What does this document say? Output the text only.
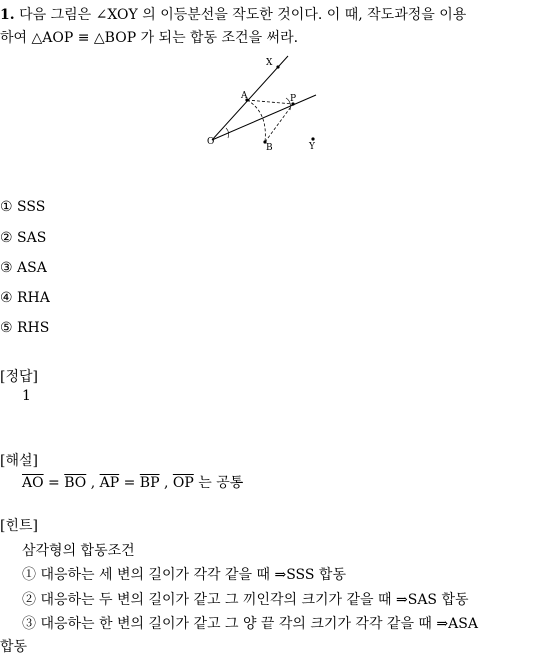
1. 다음 그림은 ∠XOY 의 이등분선을 작도한 것이다. 이 때, 작도과정을 이용
하여 △AOP ≡ △BOP 가 되는 합동 조건을 써라.
X
A	P
O
B	Y
① SSS
② SAS
③ ASA
④ RHA
⑤ RHS
[정답]
1
[해설]
$\overline{AO} = \overline{BO}$ , $\overline{AP} = \overline{BP}$ , $\overline{OP}$ 는 공통
[힌트]
삼각형의 합동조건
① 대응하는 세 변의 길이가 각각 같을 때 ⇒SSS 합동
② 대응하는 두 변의 길이가 같고 그 끼인각의 크기가 같을 때 ⇒SAS 합동
③ 대응하는 한 변의 길이가 같고 그 양 끝 각의 크기가 각각 같을 때 ⇒ASA
합동
